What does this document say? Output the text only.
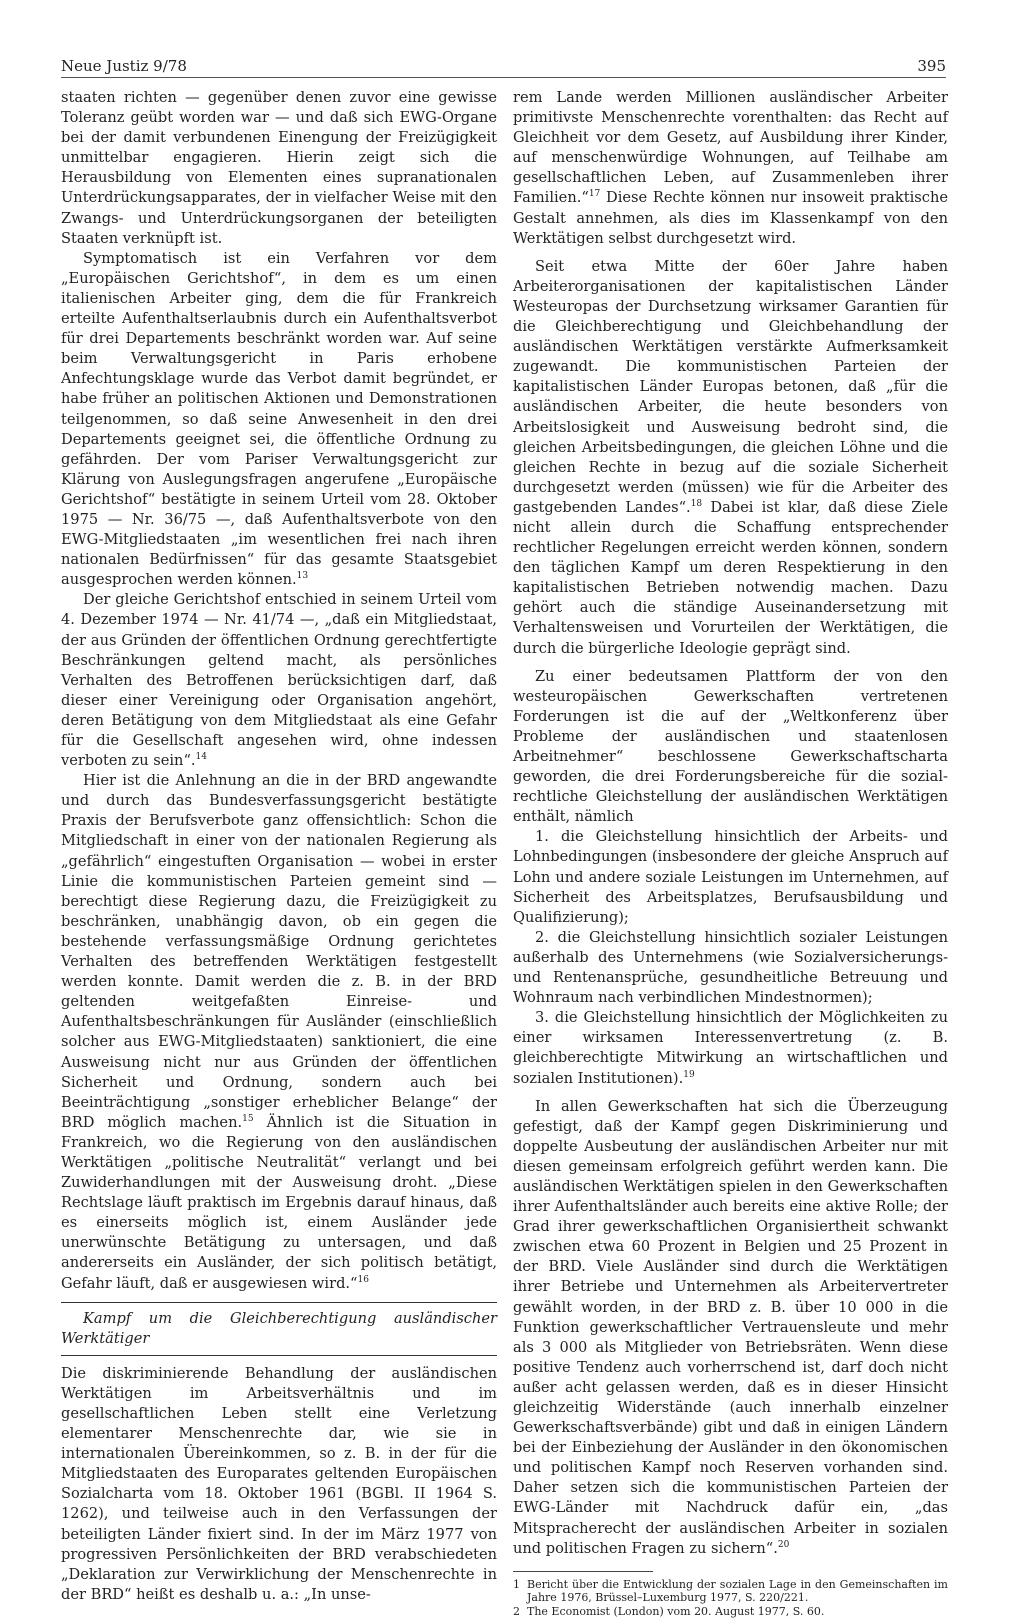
Neue Justiz 9/78	395

staaten richten — gegenüber denen zuvor eine gewisse Toleranz geübt worden war — und daß sich EWG-Organe bei der damit verbundenen Einengung der Freizügigkeit unmittelbar engagieren. Hierin zeigt sich die Herausbildung von Elementen eines supranationalen Unterdrückungsapparates, der in vielfacher Weise mit den Zwangs- und Unterdrückungsorganen der beteiligten Staaten verknüpft ist.

Symptomatisch ist ein Verfahren vor dem „Europäischen Gerichtshof“, in dem es um einen italienischen Arbeiter ging, dem die für Frankreich erteilte Aufenthaltserlaubnis durch ein Aufenthaltsverbot für drei Departements beschränkt worden war. Auf seine beim Verwaltungsgericht in Paris erhobene Anfechtungsklage wurde das Verbot damit begründet, er habe früher an politischen Aktionen und Demonstrationen teilgenommen, so daß seine Anwesenheit in den drei Departements geeignet sei, die öffentliche Ordnung zu gefährden. Der vom Pariser Verwaltungsgericht zur Klärung von Auslegungsfragen angerufene „Europäische Gerichtshof“ bestätigte in seinem Urteil vom 28. Oktober 1975 — Nr. 36/75 —, daß Aufenthaltsverbote von den EWG-Mitgliedstaaten „im wesentlichen frei nach ihren nationalen Bedürfnissen“ für das gesamte Staatsgebiet ausgesprochen werden können.$^{13}$

Der gleiche Gerichtshof entschied in seinem Urteil vom 4. Dezember 1974 — Nr. 41/74 —, „daß ein Mitgliedstaat, der aus Gründen der öffentlichen Ordnung gerechtfertigte Beschränkungen geltend macht, als persönliches Verhalten des Betroffenen berücksichtigen darf, daß dieser einer Vereinigung oder Organisation angehört, deren Betätigung von dem Mitgliedstaat als eine Gefahr für die Gesellschaft angesehen wird, ohne indessen verboten zu sein“.$^{14}$

Hier ist die Anlehnung an die in der BRD angewandte und durch das Bundesverfassungsgericht bestätigte Praxis der Berufsverbote ganz offensichtlich: Schon die Mitgliedschaft in einer von der nationalen Regierung als „gefährlich“ eingestuften Organisation — wobei in erster Linie die kommunistischen Parteien gemeint sind — berechtigt diese Regierung dazu, die Freizügigkeit zu beschränken, unabhängig davon, ob ein gegen die bestehende verfassungsmäßige Ordnung gerichtetes Verhalten des betreffenden Werktätigen festgestellt werden konnte. Damit werden die z. B. in der BRD geltenden weitgefaßten Einreise- und Aufenthaltsbeschränkungen für Ausländer (einschließlich solcher aus EWG-Mitgliedstaaten) sanktioniert, die eine Ausweisung nicht nur aus Gründen der öffentlichen Sicherheit und Ordnung, sondern auch bei Beeinträchtigung „sonstiger erheblicher Belange“ der BRD möglich machen.$^{15}$ Ähnlich ist die Situation in Frankreich, wo die Regierung von den ausländischen Werktätigen „politische Neutralität“ verlangt und bei Zuwiderhandlungen mit der Ausweisung droht. „Diese Rechtslage läuft praktisch im Ergebnis darauf hinaus, daß es einerseits möglich ist, einem Ausländer jede unerwünschte Betätigung zu untersagen, und daß andererseits ein Ausländer, der sich politisch betätigt, Gefahr läuft, daß er ausgewiesen wird.“$^{16}$

Kampf um die Gleichberechtigung ausländischer Werktätiger

Die diskriminierende Behandlung der ausländischen Werktätigen im Arbeitsverhältnis und im gesellschaftlichen Leben stellt eine Verletzung elementarer Menschenrechte dar, wie sie in internationalen Übereinkommen, so z. B. in der für die Mitgliedstaaten des Europarates geltenden Europäischen Sozialcharta vom 18. Oktober 1961 (BGBl. II 1964 S. 1262), und teilweise auch in den Verfassungen der beteiligten Länder fixiert sind. In der im März 1977 von progressiven Persönlichkeiten der BRD verabschiedeten „Deklaration zur Verwirklichung der Menschenrechte in der BRD“ heißt es deshalb u. a.: „In unse-

rem Lande werden Millionen ausländischer Arbeiter primitivste Menschenrechte vorenthalten: das Recht auf Gleichheit vor dem Gesetz, auf Ausbildung ihrer Kinder, auf menschenwürdige Wohnungen, auf Teilhabe am gesellschaftlichen Leben, auf Zusammenleben ihrer Familien.“$^{17}$ Diese Rechte können nur insoweit praktische Gestalt annehmen, als dies im Klassenkampf von den Werktätigen selbst durchgesetzt wird.

Seit etwa Mitte der 60er Jahre haben Arbeiterorganisationen der kapitalistischen Länder Westeuropas der Durchsetzung wirksamer Garantien für die Gleichberechtigung und Gleichbehandlung der ausländischen Werktätigen verstärkte Aufmerksamkeit zugewandt. Die kommunistischen Parteien der kapitalistischen Länder Europas betonen, daß „für die ausländischen Arbeiter, die heute besonders von Arbeitslosigkeit und Ausweisung bedroht sind, die gleichen Arbeitsbedingungen, die gleichen Löhne und die gleichen Rechte in bezug auf die soziale Sicherheit durchgesetzt werden (müssen) wie für die Arbeiter des gastgebenden Landes“.$^{18}$ Dabei ist klar, daß diese Ziele nicht allein durch die Schaffung entsprechender rechtlicher Regelungen erreicht werden können, sondern den täglichen Kampf um deren Respektierung in den kapitalistischen Betrieben notwendig machen. Dazu gehört auch die ständige Auseinandersetzung mit Verhaltensweisen und Vorurteilen der Werktätigen, die durch die bürgerliche Ideologie geprägt sind.

Zu einer bedeutsamen Plattform der von den westeuropäischen Gewerkschaften vertretenen Forderungen ist die auf der „Weltkonferenz über Probleme der ausländischen und staatenlosen Arbeitnehmer“ beschlossene Gewerkschaftscharta geworden, die drei Forderungsbereiche für die sozial-rechtliche Gleichstellung der ausländischen Werktätigen enthält, nämlich

1. die Gleichstellung hinsichtlich der Arbeits- und Lohnbedingungen (insbesondere der gleiche Anspruch auf Lohn und andere soziale Leistungen im Unternehmen, auf Sicherheit des Arbeitsplatzes, Berufsausbildung und Qualifizierung);

2. die Gleichstellung hinsichtlich sozialer Leistungen außerhalb des Unternehmens (wie Sozialversicherungs- und Rentenansprüche, gesundheitliche Betreuung und Wohnraum nach verbindlichen Mindestnormen);

3. die Gleichstellung hinsichtlich der Möglichkeiten zu einer wirksamen Interessenvertretung (z. B. gleichberechtigte Mitwirkung an wirtschaftlichen und sozialen Institutionen).$^{19}$

In allen Gewerkschaften hat sich die Überzeugung gefestigt, daß der Kampf gegen Diskriminierung und doppelte Ausbeutung der ausländischen Arbeiter nur mit diesen gemeinsam erfolgreich geführt werden kann. Die ausländischen Werktätigen spielen in den Gewerkschaften ihrer Aufenthaltsländer auch bereits eine aktive Rolle; der Grad ihrer gewerkschaftlichen Organisiertheit schwankt zwischen etwa 60 Prozent in Belgien und 25 Prozent in der BRD. Viele Ausländer sind durch die Werktätigen ihrer Betriebe und Unternehmen als Arbeitervertreter gewählt worden, in der BRD z. B. über 10 000 in die Funktion gewerkschaftlicher Vertrauensleute und mehr als 3 000 als Mitglieder von Betriebsräten. Wenn diese positive Tendenz auch vorherrschend ist, darf doch nicht außer acht gelassen werden, daß es in dieser Hinsicht gleichzeitig Widerstände (auch innerhalb einzelner Gewerkschaftsverbände) gibt und daß in einigen Ländern bei der Einbeziehung der Ausländer in den ökonomischen und politischen Kampf noch Reserven vorhanden sind. Daher setzen sich die kommunistischen Parteien der EWG-Länder mit Nachdruck dafür ein, „das Mitspracherecht der ausländischen Arbeiter in sozialen und politischen Fragen zu sichern“.$^{20}$

1 Bericht über die Entwicklung der sozialen Lage in den Gemeinschaften im Jahre 1976, Brüssel–Luxemburg 1977, S. 220/221.

2 The Economist (London) vom 20. August 1977, S. 60.
